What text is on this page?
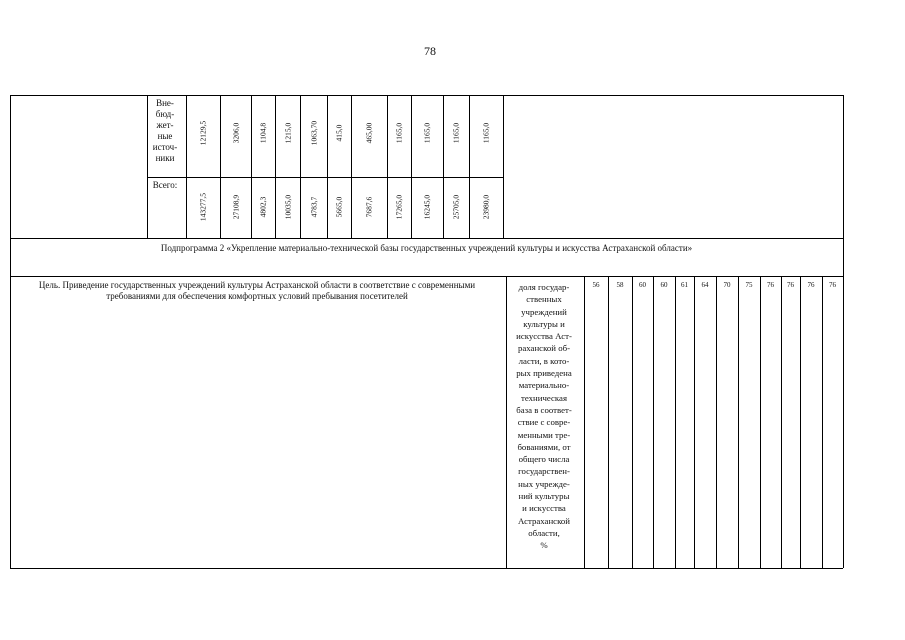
78
Вне-
бюд-
жет-
ные
источ-
ники
Всего:
12129,5	3206,0 1104,8 1215,0 1063,70 415,0	465,00	1165,0	1165,0	1165,0	1165,0
143277,5	27108,9 4802,3 10035,0 4783,7 5665,0	7687,6	17265,0	16245,0	25705,0	23980,0
Подпрограмма 2 «Укрепление материально-технической базы государственных учреждений культуры и искусства Астраханской области»
Цель. Приведение государственных учреждений культуры Астраханской области в соответствие с современными требованиями для обеспечения комфортных условий пребывания посетителей
доля государ-
ственных
учреждений
культуры и
искусства Аст-
раханской об-
ласти, в кото-
рых приведена
материально-
техническая
база в соответ-
ствие с совре-
менными тре-
бованиями, от
общего числа
государствен-
ных учрежде-
ний культуры
и искусства
Астраханской
области,
%
56	58	60	60	61	64	70	75	76	76	76	76
